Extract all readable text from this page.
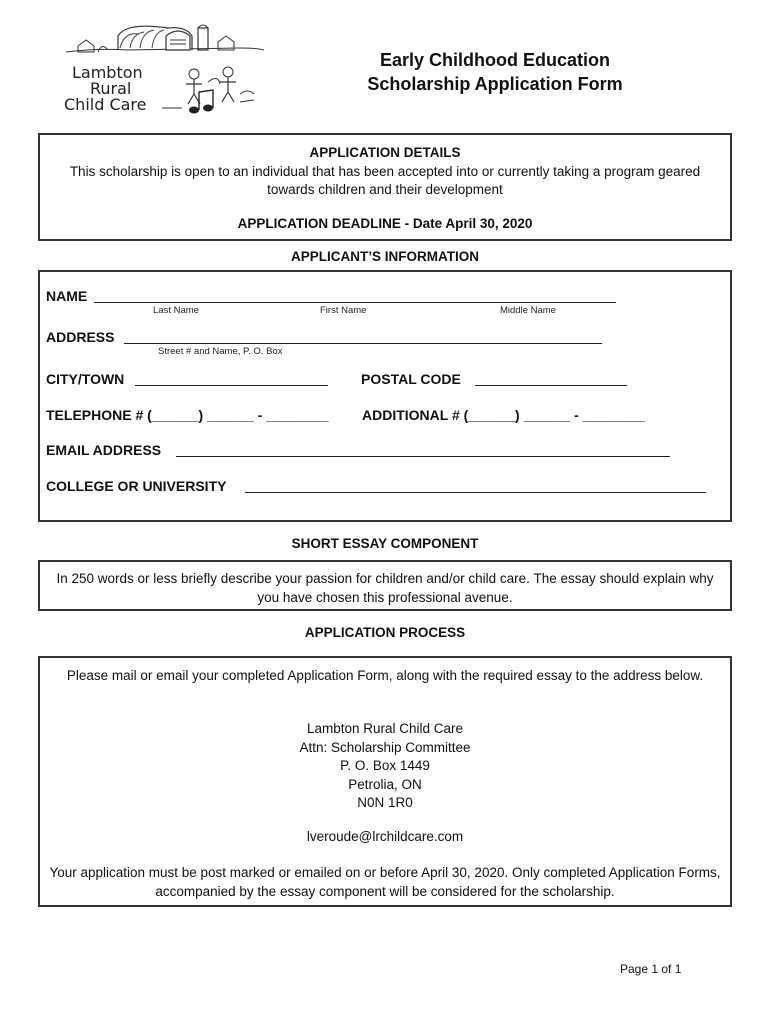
Lambton
Rural
Child Care
Early Childhood Education
Scholarship Application Form
APPLICATION DETAILS
This scholarship is open to an individual that has been accepted into or currently taking a program geared towards children and their development
APPLICATION DEADLINE - Date April 30, 2020
APPLICANT’S INFORMATION
NAME
Last Name	First Name	Middle Name
ADDRESS
Street # and Name, P. O. Box
CITY/TOWN	POSTAL CODE
TELEPHONE # (______) ______ - ________ ADDITIONAL # (______) ______ - ________
EMAIL ADDRESS
COLLEGE OR UNIVERSITY
SHORT ESSAY COMPONENT
In 250 words or less briefly describe your passion for children and/or child care. The essay should explain why you have chosen this professional avenue.
APPLICATION PROCESS
Please mail or email your completed Application Form, along with the required essay to the address below.
Lambton Rural Child Care
Attn: Scholarship Committee
P. O. Box 1449
Petrolia, ON
N0N 1R0
lveroude@lrchildcare.com
Your application must be post marked or emailed on or before April 30, 2020. Only completed Application Forms, accompanied by the essay component will be considered for the scholarship.
Page 1 of 1
